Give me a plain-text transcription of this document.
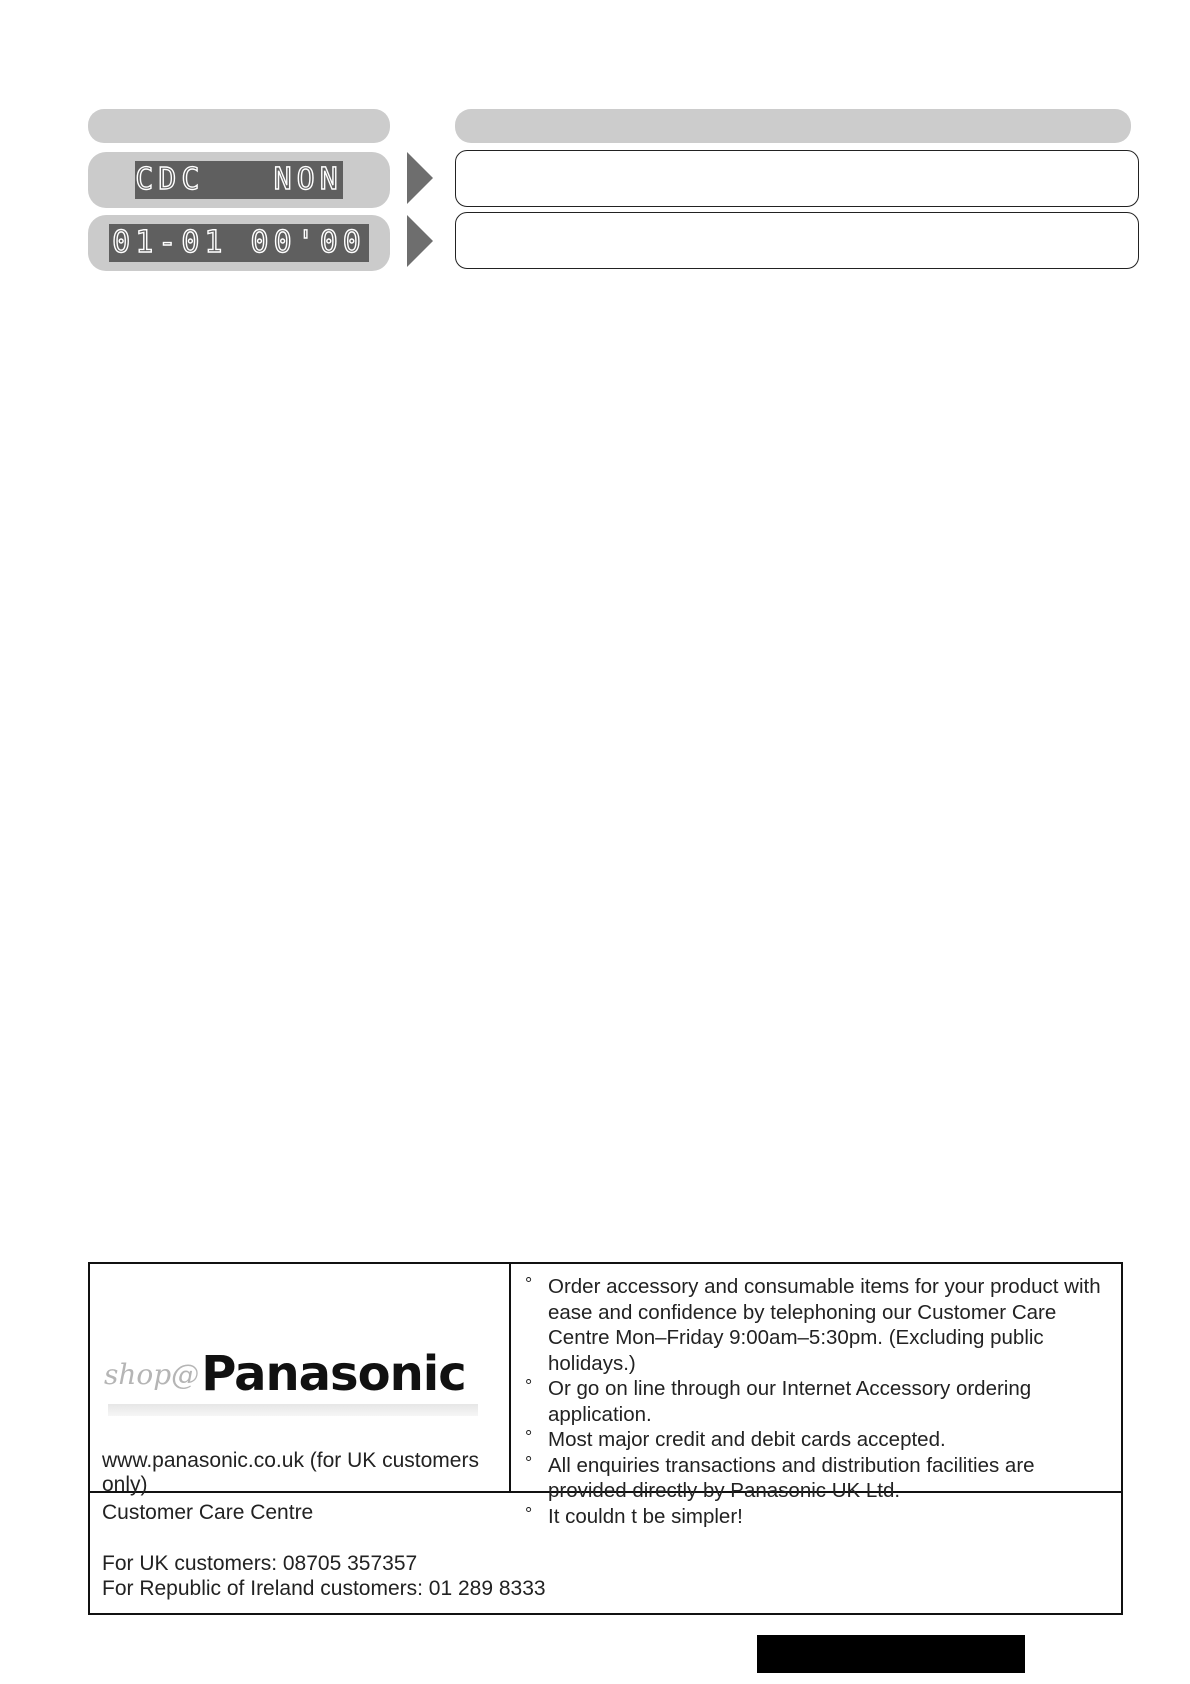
CDC   NON
01-01 00'00
shop@ Panasonic
www.panasonic.co.uk (for UK customers only)
° Order accessory and consumable items for your product with ease and confidence by telephoning our Customer Care Centre Mon–Friday 9:00am–5:30pm. (Excluding public holidays.)
° Or go on line through our Internet Accessory ordering application.
° Most major credit and debit cards accepted.
° All enquiries transactions and distribution facilities are provided directly by Panasonic UK Ltd.
° It couldn t be simpler!
Customer Care Centre
For UK customers: 08705 357357
For Republic of Ireland customers: 01 289 8333
